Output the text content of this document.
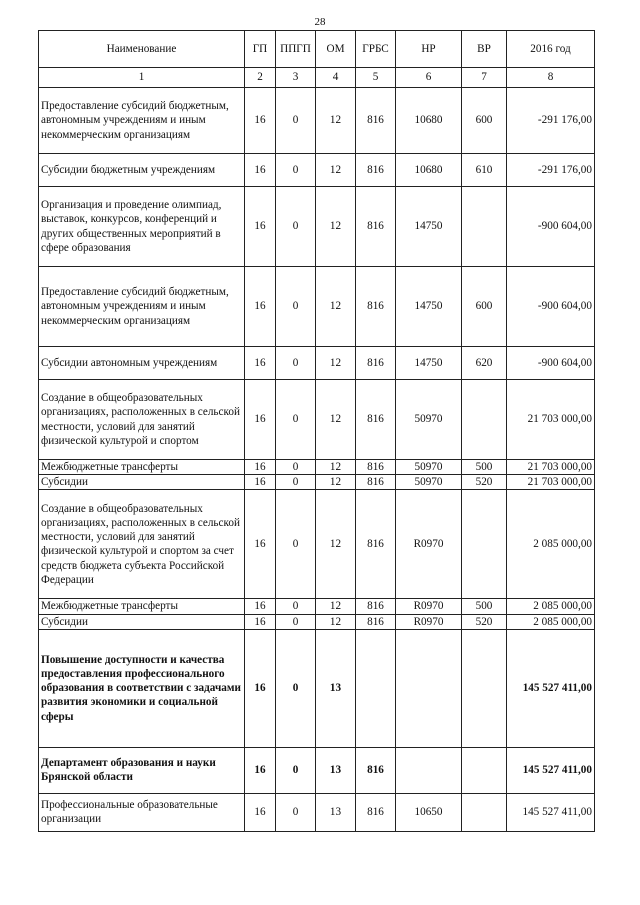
28
Наименование	ГП	ППГП	ОМ	ГРБС	НР	ВР	2016 год
1	2	3	4	5	6	7	8
Предоставление субсидий бюджетным, автономным учреждениям и иным некоммерческим организациям	16	0	12	816	10680	600	-291 176,00
Субсидии бюджетным учреждениям	16	0	12	816	10680	610	-291 176,00
Организация и проведение олимпиад, выставок, конкурсов, конференций и других общественных мероприятий в сфере образования	16	0	12	816	14750		-900 604,00
Предоставление субсидий бюджетным, автономным учреждениям и иным некоммерческим организациям	16	0	12	816	14750	600	-900 604,00
Субсидии автономным учреждениям	16	0	12	816	14750	620	-900 604,00
Создание в общеобразовательных организациях, расположенных в сельской местности, условий для занятий физической культурой и спортом	16	0	12	816	50970		21 703 000,00
Межбюджетные трансферты	16	0	12	816	50970	500	21 703 000,00
Субсидии	16	0	12	816	50970	520	21 703 000,00
Создание в общеобразовательных организациях, расположенных в сельской местности, условий для занятий физической культурой и спортом за счет средств бюджета субъекта Российской Федерации	16	0	12	816	R0970		2 085 000,00
Межбюджетные трансферты	16	0	12	816	R0970	500	2 085 000,00
Субсидии	16	0	12	816	R0970	520	2 085 000,00
Повышение доступности и качества предоставления профессионального образования в соответствии с задачами развития экономики и социальной сферы	16	0	13				145 527 411,00
Департамент образования и науки Брянской области	16	0	13	816			145 527 411,00
Профессиональные образовательные организации	16	0	13	816	10650		145 527 411,00
